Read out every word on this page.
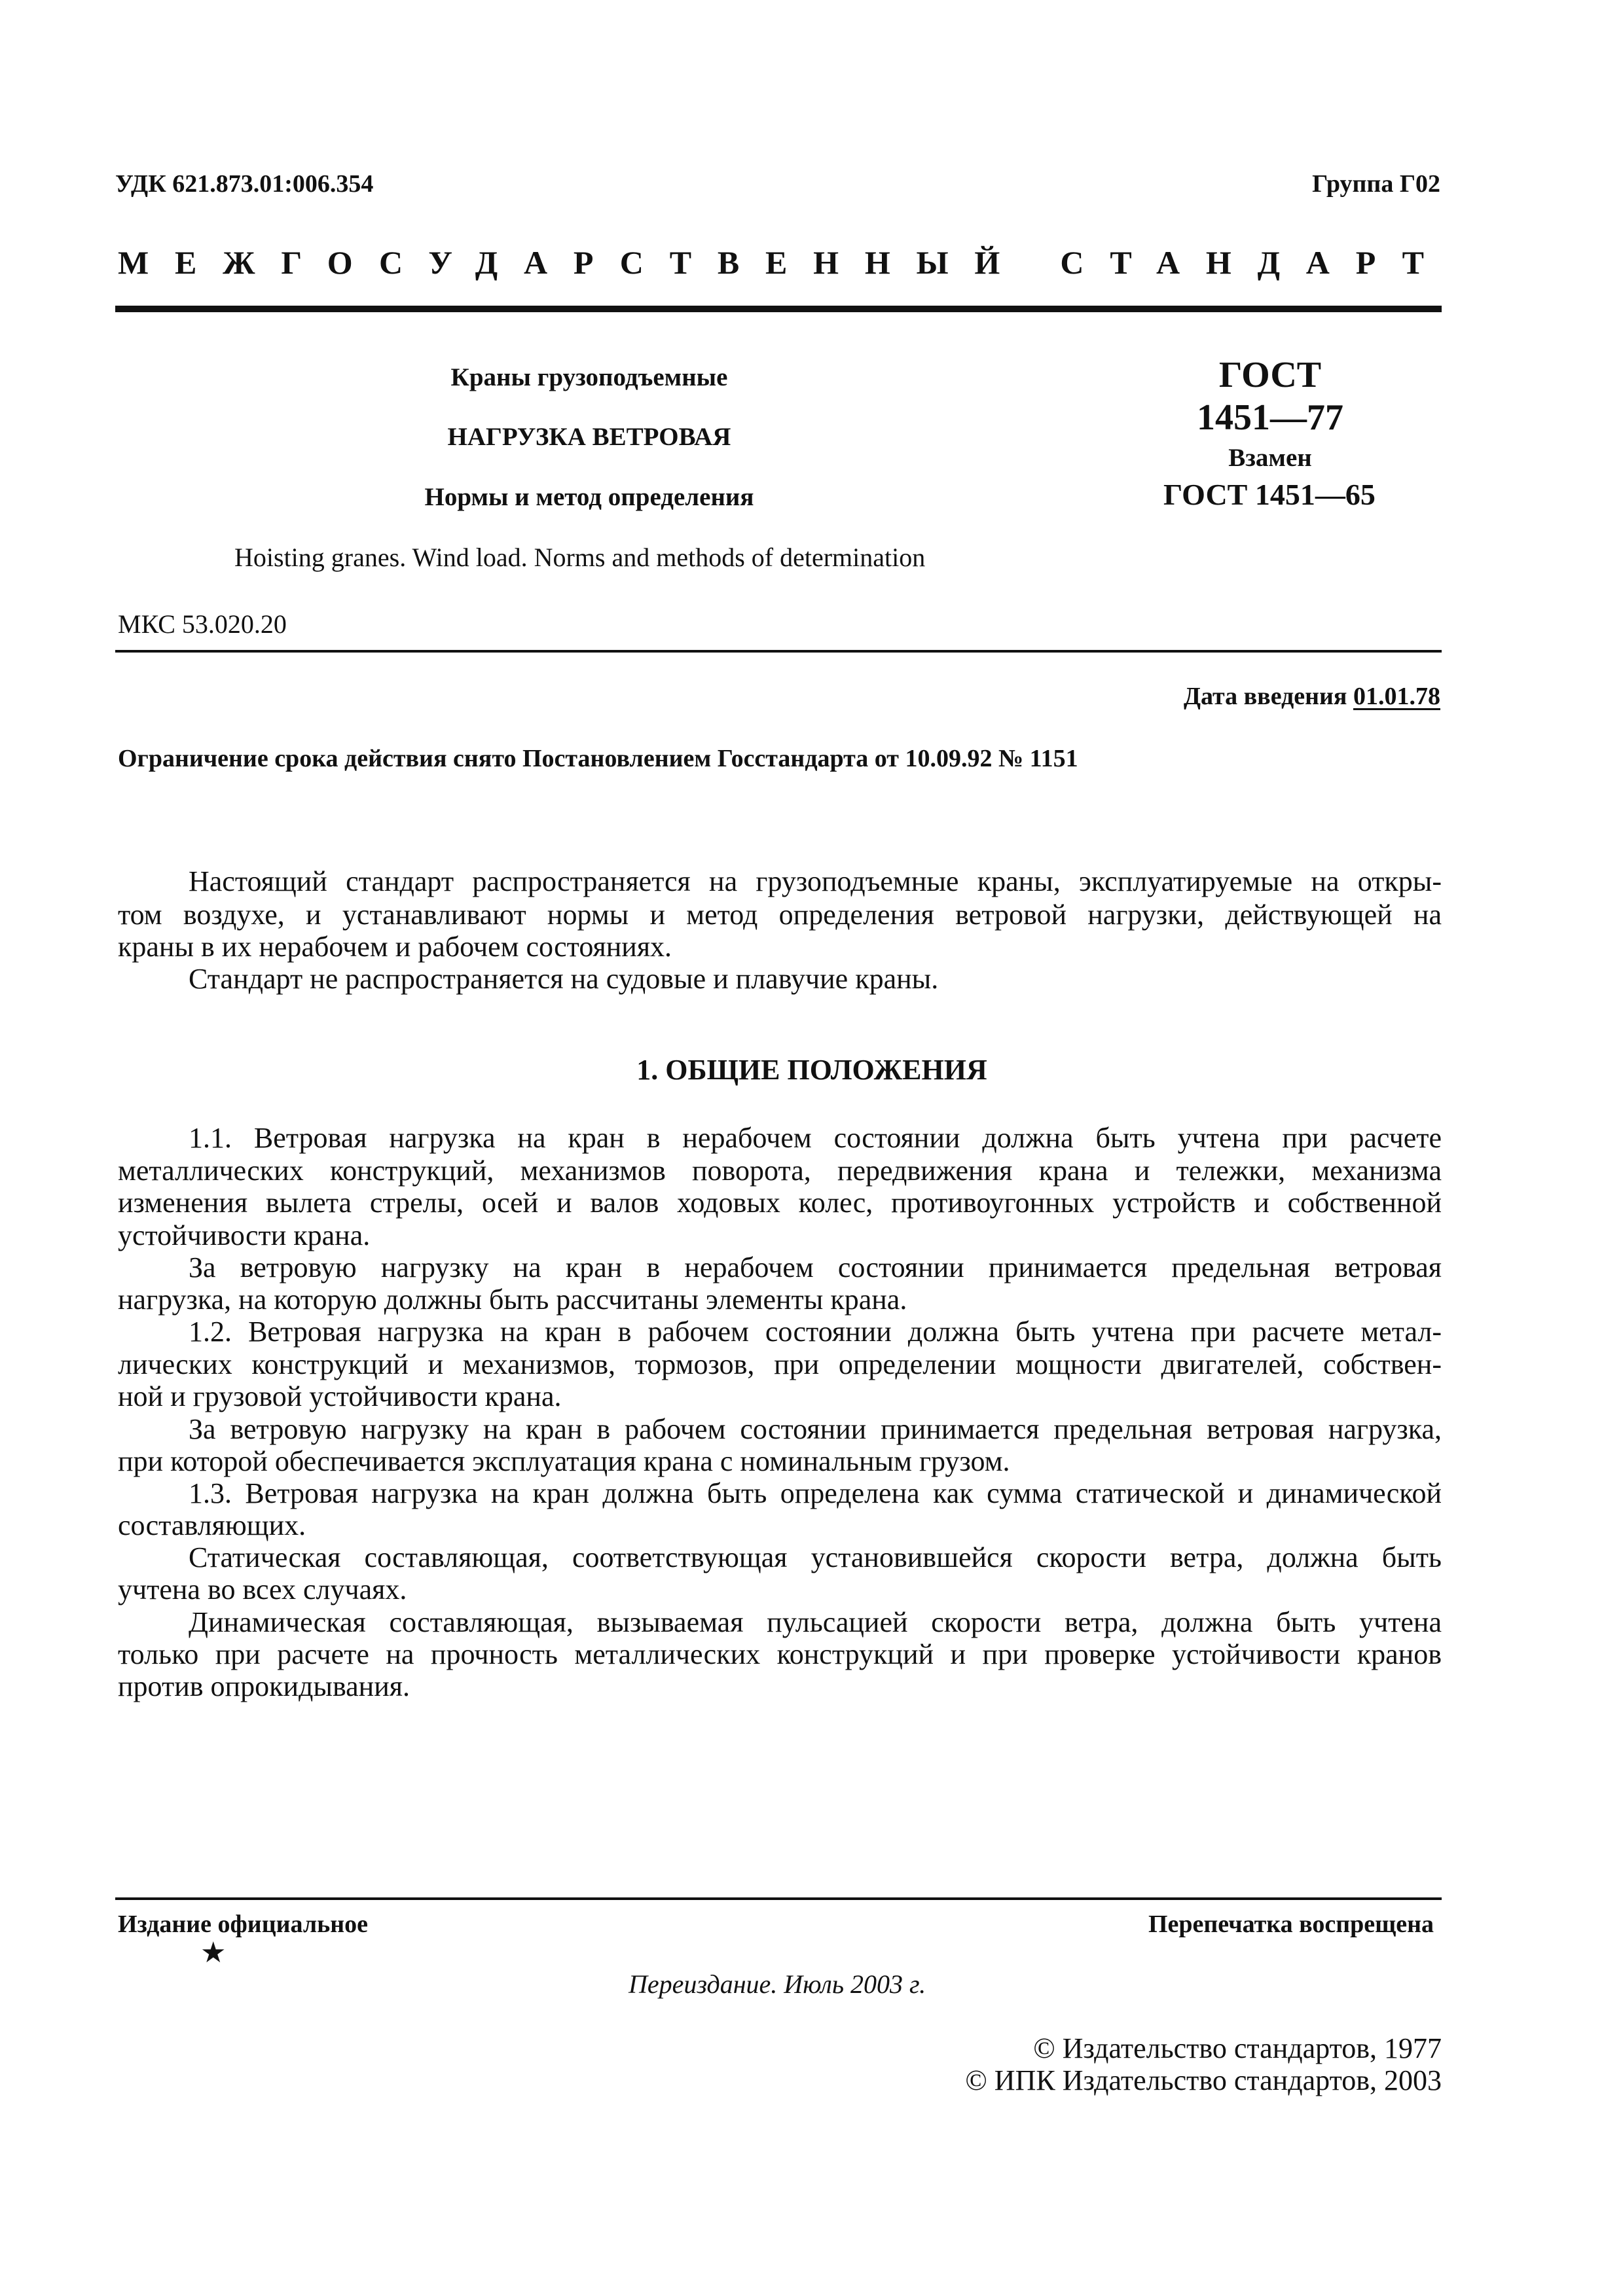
УДК 621.873.01:006.354	Группа Г02
МЕЖГОСУДАРСТВЕННЫЙ СТАНДАРТ
Краны грузоподъемные
НАГРУЗКА ВЕТРОВАЯ
Нормы и метод определения
Hoisting granes. Wind load. Norms and methods of determination
ГОСТ
1451—77
Взамен
ГОСТ 1451—65
МКС 53.020.20
Дата введения 01.01.78
Ограничение срока действия снято Постановлением Госстандарта от 10.09.92 № 1151
Настоящий стандарт распространяется на грузоподъемные краны, эксплуатируемые на откры-
том воздухе, и устанавливают нормы и метод определения ветровой нагрузки, действующей на
краны в их нерабочем и рабочем состояниях.
Стандарт не распространяется на судовые и плавучие краны.
1. ОБЩИЕ ПОЛОЖЕНИЯ
1.1. Ветровая нагрузка на кран в нерабочем состоянии должна быть учтена при расчете
металлических конструкций, механизмов поворота, передвижения крана и тележки, механизма
изменения вылета стрелы, осей и валов ходовых колес, противоугонных устройств и собственной
устойчивости крана.
За ветровую нагрузку на кран в нерабочем состоянии принимается предельная ветровая
нагрузка, на которую должны быть рассчитаны элементы крана.
1.2. Ветровая нагрузка на кран в рабочем состоянии должна быть учтена при расчете метал-
лических конструкций и механизмов, тормозов, при определении мощности двигателей, собствен-
ной и грузовой устойчивости крана.
За ветровую нагрузку на кран в рабочем состоянии принимается предельная ветровая нагрузка,
при которой обеспечивается эксплуатация крана с номинальным грузом.
1.3. Ветровая нагрузка на кран должна быть определена как сумма статической и динамической
составляющих.
Статическая составляющая, соответствующая установившейся скорости ветра, должна быть
учтена во всех случаях.
Динамическая составляющая, вызываемая пульсацией скорости ветра, должна быть учтена
только при расчете на прочность металлических конструкций и при проверке устойчивости кранов
против опрокидывания.
Издание официальное
★
Перепечатка воспрещена
Переиздание. Июль 2003 г.
© Издательство стандартов, 1977
© ИПК Издательство стандартов, 2003
